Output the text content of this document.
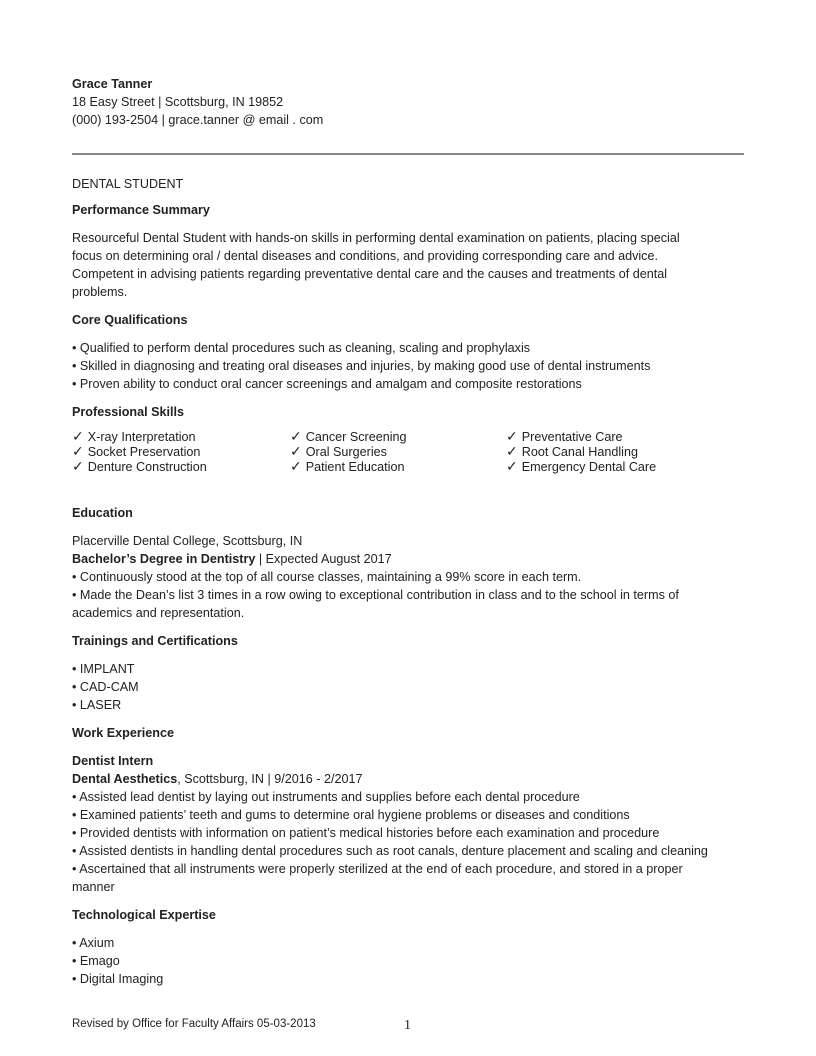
Grace Tanner
18 Easy Street | Scottsburg, IN 19852
(000) 193-2504 | grace.tanner @ email . com
DENTAL STUDENT
Performance Summary
Resourceful Dental Student with hands-on skills in performing dental examination on patients, placing special
focus on determining oral / dental diseases and conditions, and providing corresponding care and advice.
Competent in advising patients regarding preventative dental care and the causes and treatments of dental
problems.
Core Qualifications
• Qualified to perform dental procedures such as cleaning, scaling and prophylaxis
• Skilled in diagnosing and treating oral diseases and injuries, by making good use of dental instruments
• Proven ability to conduct oral cancer screenings and amalgam and composite restorations
Professional Skills
✓ X-ray Interpretation
✓ Socket Preservation
✓ Denture Construction
✓ Cancer Screening
✓ Oral Surgeries
✓ Patient Education
✓ Preventative Care
✓ Root Canal Handling
✓ Emergency Dental Care
Education
Placerville Dental College, Scottsburg, IN
Bachelor’s Degree in Dentistry | Expected August 2017
• Continuously stood at the top of all course classes, maintaining a 99% score in each term.
• Made the Dean’s list 3 times in a row owing to exceptional contribution in class and to the school in terms of
academics and representation.
Trainings and Certifications
• IMPLANT
• CAD-CAM
• LASER
Work Experience
Dentist Intern
Dental Aesthetics, Scottsburg, IN | 9/2016 - 2/2017
• Assisted lead dentist by laying out instruments and supplies before each dental procedure
• Examined patients’ teeth and gums to determine oral hygiene problems or diseases and conditions
• Provided dentists with information on patient’s medical histories before each examination and procedure
• Assisted dentists in handling dental procedures such as root canals, denture placement and scaling and cleaning
• Ascertained that all instruments were properly sterilized at the end of each procedure, and stored in a proper
manner
Technological Expertise
• Axium
• Emago
• Digital Imaging
Revised by Office for Faculty Affairs 05-03-2013	1
